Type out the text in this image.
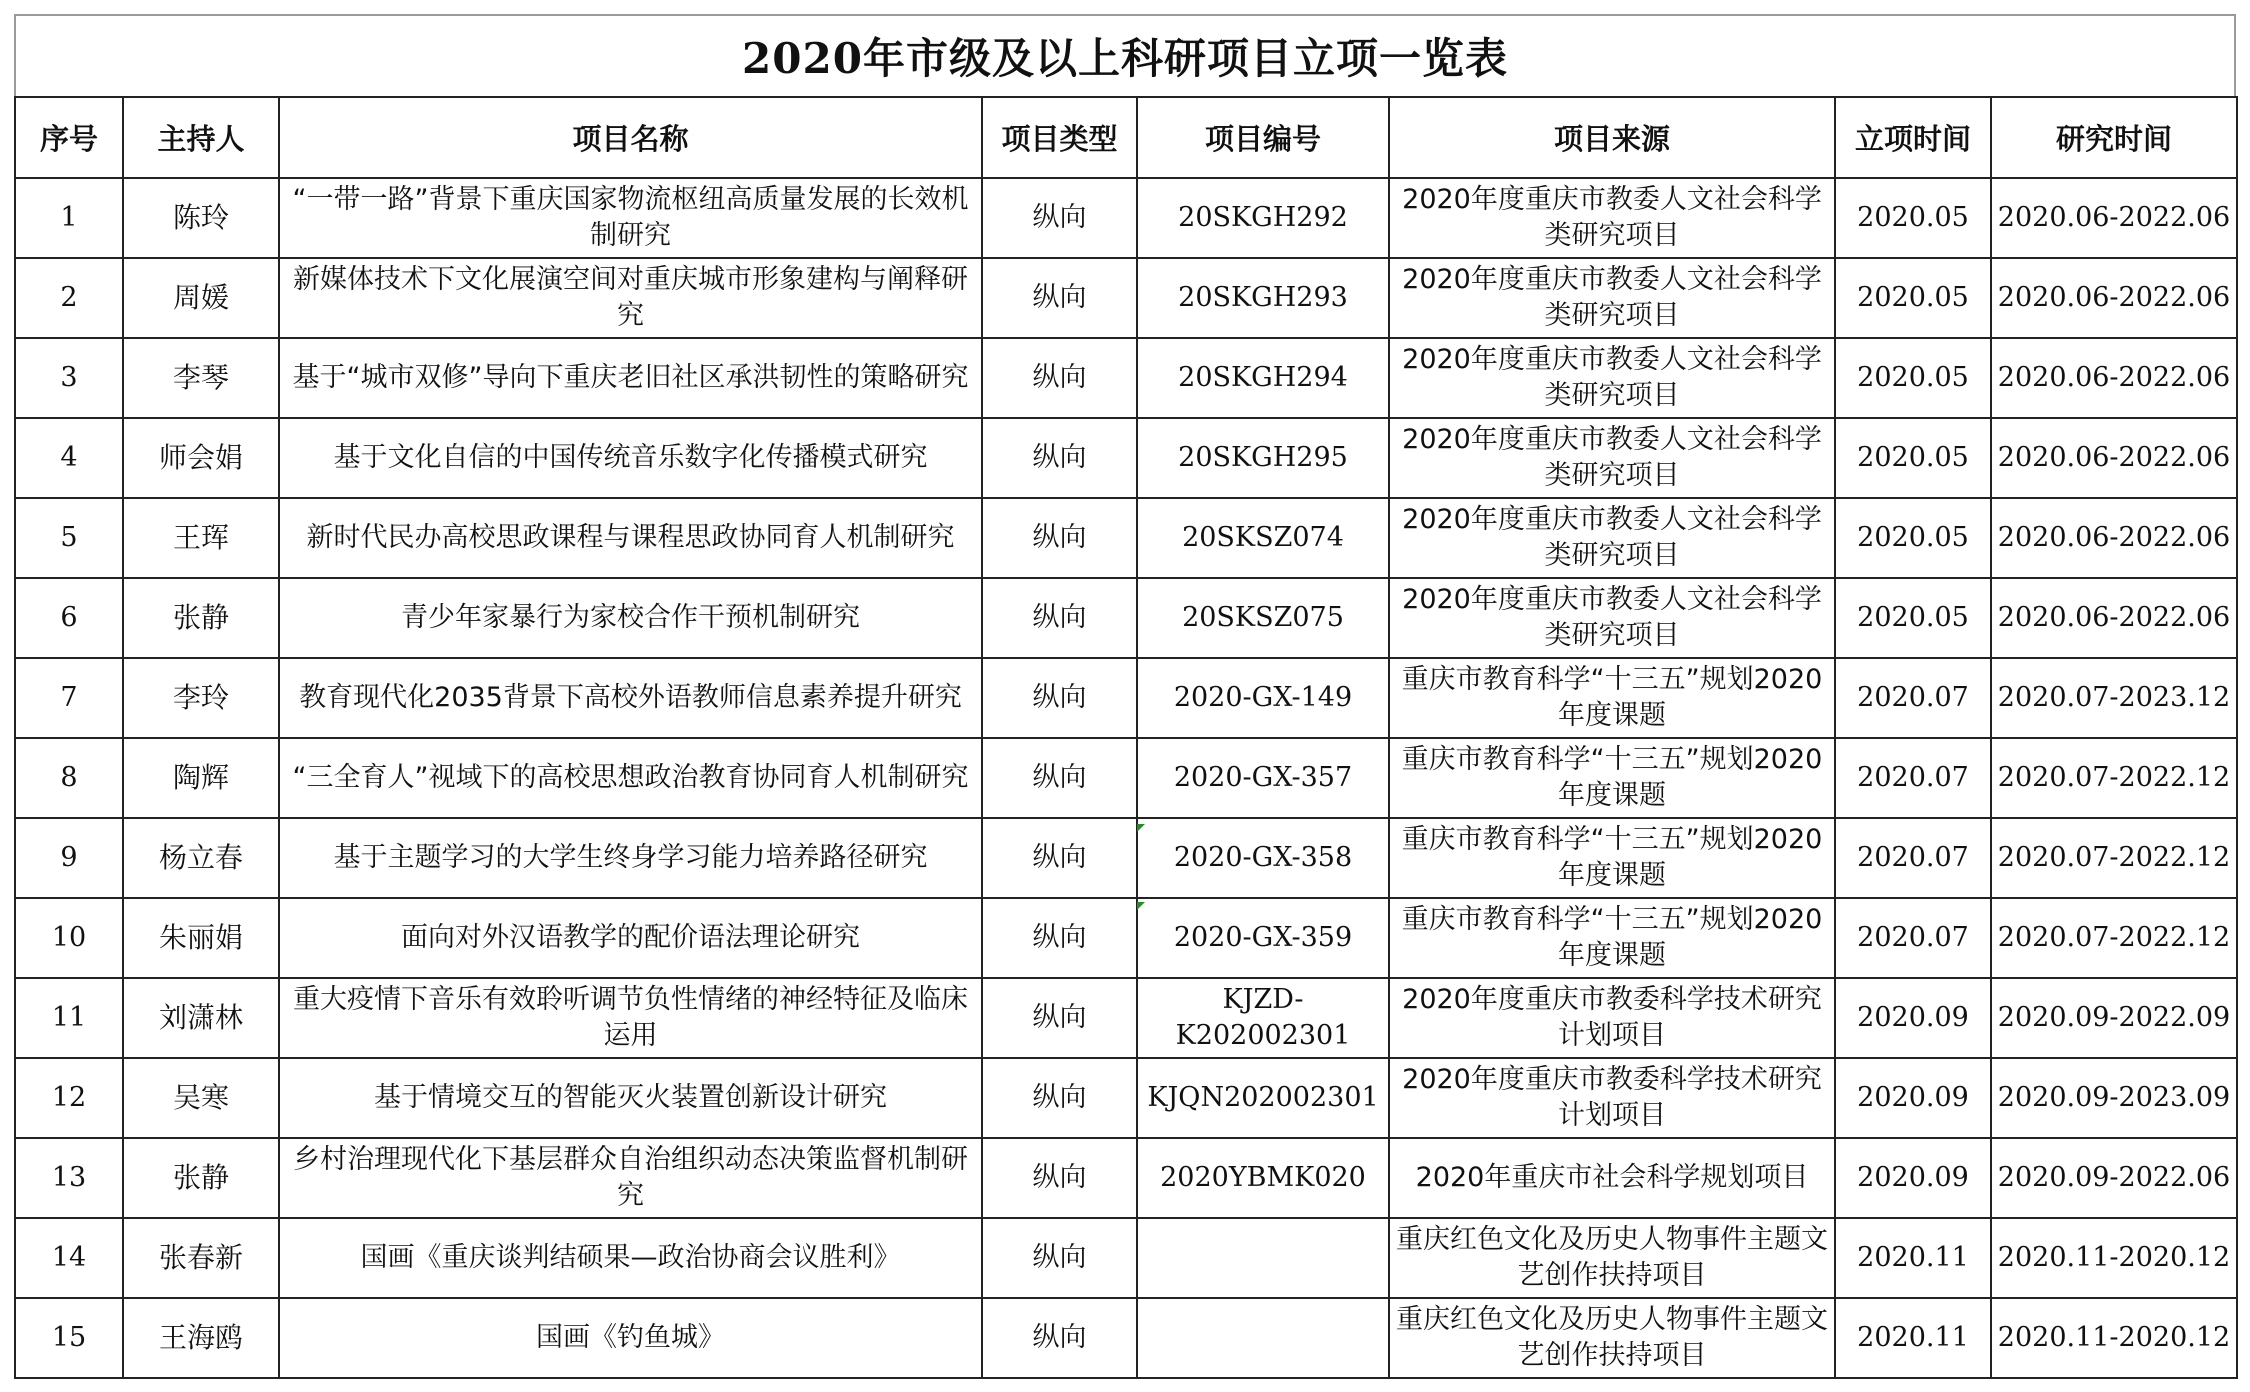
2020年市级及以上科研项目立项一览表
序号	主持人	项目名称	项目类型	项目编号	项目来源	立项时间	研究时间
1	陈玲	“一带一路”背景下重庆国家物流枢纽高质量发展的长效机制研究	纵向	20SKGH292	2020年度重庆市教委人文社会科学类研究项目	2020.05	2020.06-2022.06
2	周媛	新媒体技术下文化展演空间对重庆城市形象建构与阐释研究	纵向	20SKGH293	2020年度重庆市教委人文社会科学类研究项目	2020.05	2020.06-2022.06
3	李琴	基于“城市双修”导向下重庆老旧社区承洪韧性的策略研究	纵向	20SKGH294	2020年度重庆市教委人文社会科学类研究项目	2020.05	2020.06-2022.06
4	师会娟	基于文化自信的中国传统音乐数字化传播模式研究	纵向	20SKGH295	2020年度重庆市教委人文社会科学类研究项目	2020.05	2020.06-2022.06
5	王珲	新时代民办高校思政课程与课程思政协同育人机制研究	纵向	20SKSZ074	2020年度重庆市教委人文社会科学类研究项目	2020.05	2020.06-2022.06
6	张静	青少年家暴行为家校合作干预机制研究	纵向	20SKSZ075	2020年度重庆市教委人文社会科学类研究项目	2020.05	2020.06-2022.06
7	李玲	教育现代化2035背景下高校外语教师信息素养提升研究	纵向	2020-GX-149	重庆市教育科学“十三五”规划2020年度课题	2020.07	2020.07-2023.12
8	陶辉	“三全育人”视域下的高校思想政治教育协同育人机制研究	纵向	2020-GX-357	重庆市教育科学“十三五”规划2020年度课题	2020.07	2020.07-2022.12
9	杨立春	基于主题学习的大学生终身学习能力培养路径研究	纵向	2020-GX-358	重庆市教育科学“十三五”规划2020年度课题	2020.07	2020.07-2022.12
10	朱丽娟	面向对外汉语教学的配价语法理论研究	纵向	2020-GX-359	重庆市教育科学“十三五”规划2020年度课题	2020.07	2020.07-2022.12
11	刘潇林	重大疫情下音乐有效聆听调节负性情绪的神经特征及临床运用	纵向	KJZD-K202002301	2020年度重庆市教委科学技术研究计划项目	2020.09	2020.09-2022.09
12	吴寒	基于情境交互的智能灭火装置创新设计研究	纵向	KJQN202002301	2020年度重庆市教委科学技术研究计划项目	2020.09	2020.09-2023.09
13	张静	乡村治理现代化下基层群众自治组织动态决策监督机制研究	纵向	2020YBMK020	2020年重庆市社会科学规划项目	2020.09	2020.09-2022.06
14	张春新	国画《重庆谈判结硕果—政治协商会议胜利》	纵向		重庆红色文化及历史人物事件主题文艺创作扶持项目	2020.11	2020.11-2020.12
15	王海鸥	国画《钓鱼城》	纵向		重庆红色文化及历史人物事件主题文艺创作扶持项目	2020.11	2020.11-2020.12
